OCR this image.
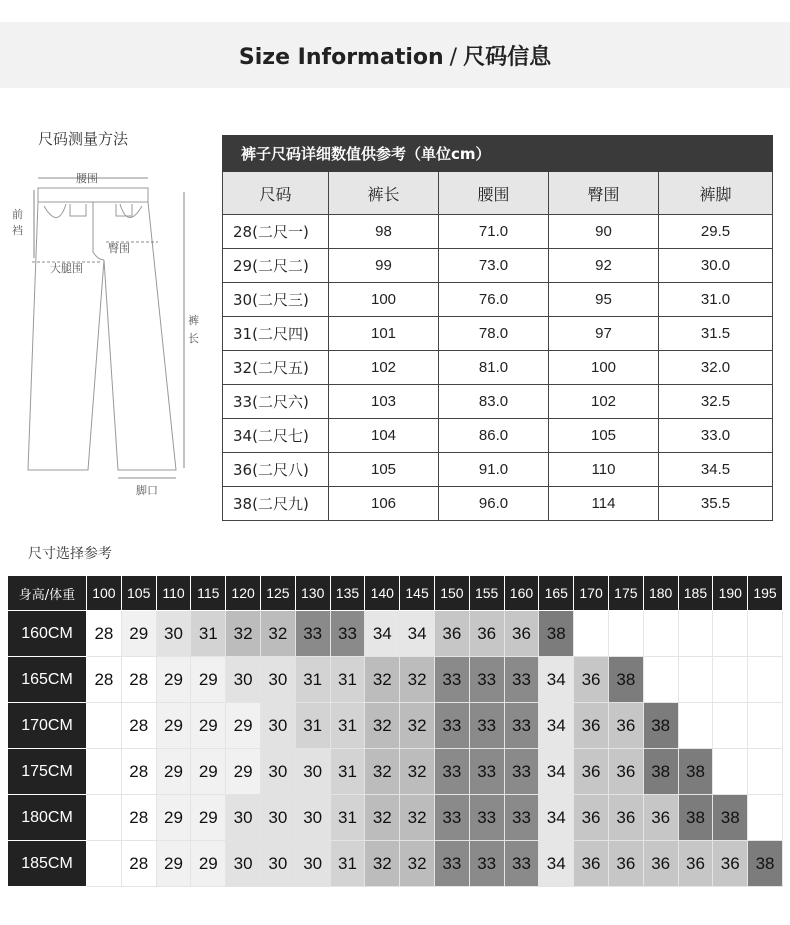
Size Information / 尺码信息
尺码测量方法
腰围
前
裆
臀围
大腿围
裤
长
脚口
裤子尺码详细数值供参考（单位cm）				
尺码	裤长	腰围	臀围	裤脚
28(二尺一)	98	71.0	90	29.5
29(二尺二)	99	73.0	92	30.0
30(二尺三)	100	76.0	95	31.0
31(二尺四)	101	78.0	97	31.5
32(二尺五)	102	81.0	100	32.0
33(二尺六)	103	83.0	102	32.5
34(二尺七)	104	86.0	105	33.0
36(二尺八)	105	91.0	110	34.5
38(二尺九)	106	96.0	114	35.5
尺寸选择参考
身高/体重	100	105	110	115	120	125	130	135	140	145	150	155	160	165	170	175	180	185	190	195
160CM	28	29	30	31	32	32	33	33	34	34	36	36	36	38						
165CM	28	28	29	29	30	30	31	31	32	32	33	33	33	34	36	38				
170CM		28	29	29	29	30	31	31	32	32	33	33	33	34	36	36	38			
175CM		28	29	29	29	30	30	31	32	32	33	33	33	34	36	36	38	38		
180CM		28	29	29	30	30	30	31	32	32	33	33	33	34	36	36	36	38	38	
185CM		28	29	29	30	30	30	31	32	32	33	33	33	34	36	36	36	36	36	38
